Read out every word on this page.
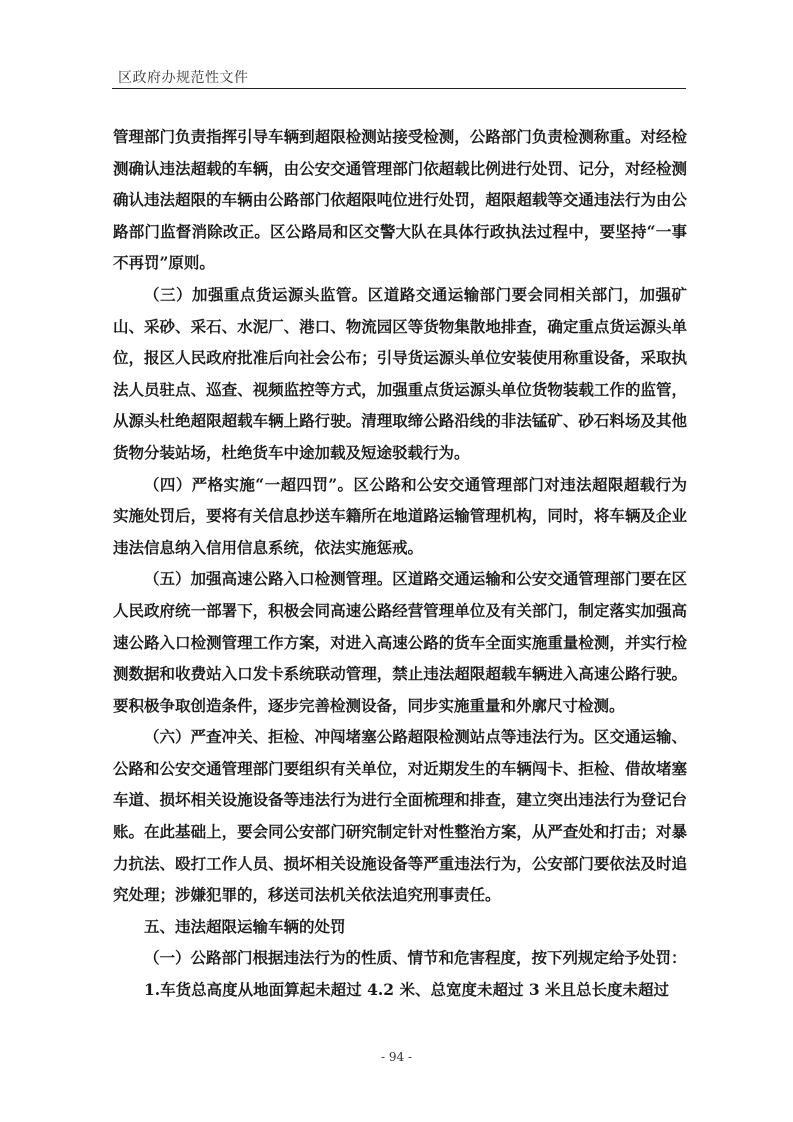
区政府办规范性文件

管理部门负责指挥引导车辆到超限检测站接受检测，公路部门负责检测称重。对经检测确认违法超载的车辆，由公安交通管理部门依超载比例进行处罚、记分，对经检测确认违法超限的车辆由公路部门依超限吨位进行处罚，超限超载等交通违法行为由公路部门监督消除改正。区公路局和区交警大队在具体行政执法过程中，要坚持“一事不再罚”原则。

（三）加强重点货运源头监管。区道路交通运输部门要会同相关部门，加强矿山、采砂、采石、水泥厂、港口、物流园区等货物集散地排查，确定重点货运源头单位，报区人民政府批准后向社会公布；引导货运源头单位安装使用称重设备，采取执法人员驻点、巡查、视频监控等方式，加强重点货运源头单位货物装载工作的监管，从源头杜绝超限超载车辆上路行驶。清理取缔公路沿线的非法锰矿、砂石料场及其他货物分装站场，杜绝货车中途加载及短途驳载行为。

（四）严格实施“一超四罚”。区公路和公安交通管理部门对违法超限超载行为实施处罚后，要将有关信息抄送车籍所在地道路运输管理机构，同时，将车辆及企业违法信息纳入信用信息系统，依法实施惩戒。

（五）加强高速公路入口检测管理。区道路交通运输和公安交通管理部门要在区人民政府统一部署下，积极会同高速公路经营管理单位及有关部门，制定落实加强高速公路入口检测管理工作方案，对进入高速公路的货车全面实施重量检测，并实行检测数据和收费站入口发卡系统联动管理，禁止违法超限超载车辆进入高速公路行驶。要积极争取创造条件，逐步完善检测设备，同步实施重量和外廓尺寸检测。

（六）严查冲关、拒检、冲闯堵塞公路超限检测站点等违法行为。区交通运输、公路和公安交通管理部门要组织有关单位，对近期发生的车辆闯卡、拒检、借故堵塞车道、损坏相关设施设备等违法行为进行全面梳理和排查，建立突出违法行为登记台账。在此基础上，要会同公安部门研究制定针对性整治方案，从严查处和打击；对暴力抗法、殴打工作人员、损坏相关设施设备等严重违法行为，公安部门要依法及时追究处理；涉嫌犯罪的，移送司法机关依法追究刑事责任。

五、违法超限运输车辆的处罚

（一）公路部门根据违法行为的性质、情节和危害程度，按下列规定给予处罚：

1.车货总高度从地面算起未超过 4.2 米、总宽度未超过 3 米且总长度未超过

- 94 -
